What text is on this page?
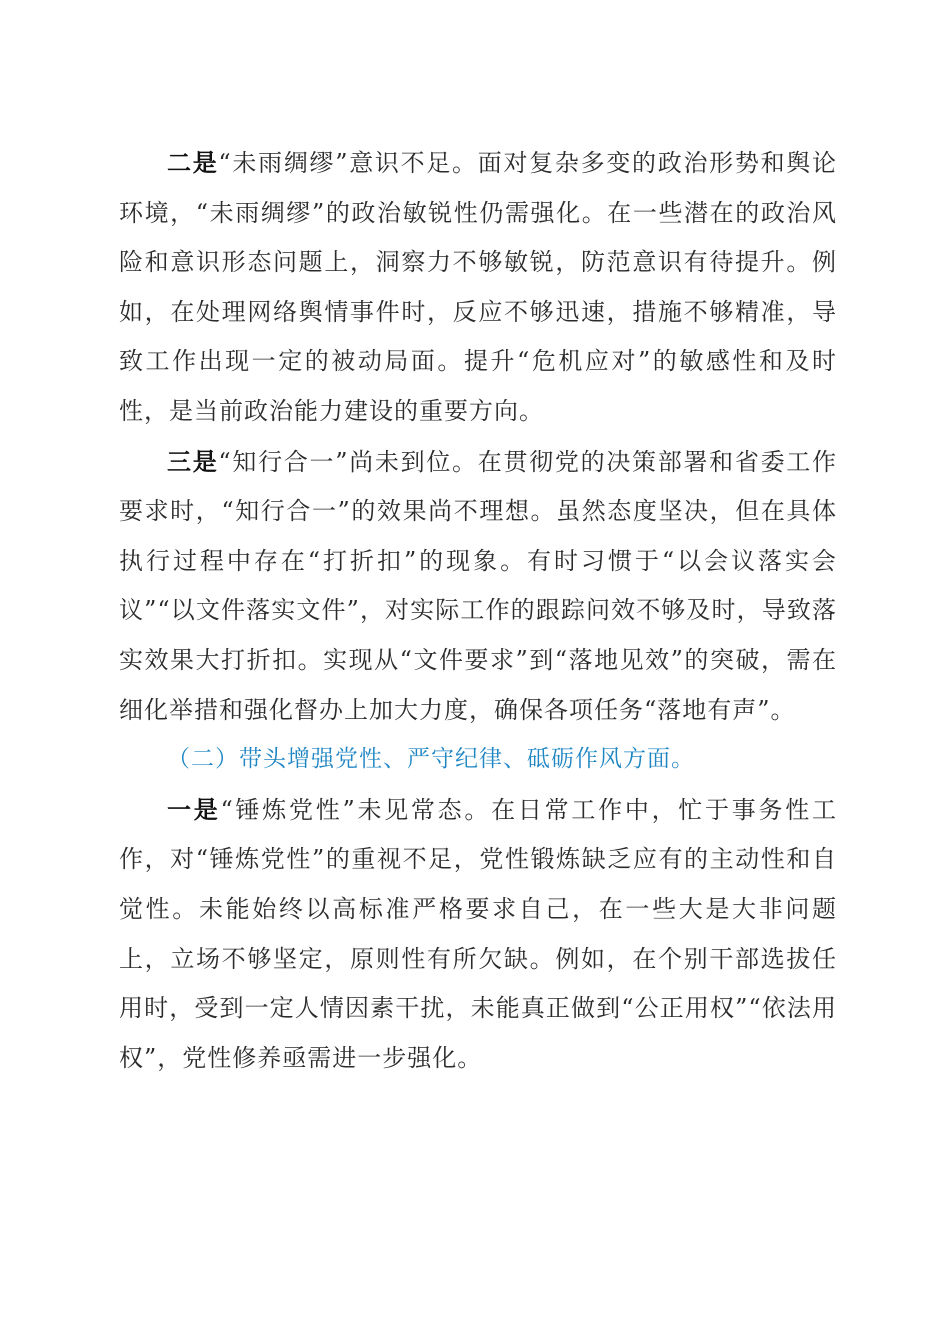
二是“未雨绸缪”意识不足。面对复杂多变的政治形势和舆论环境，“未雨绸缪”的政治敏锐性仍需强化。在一些潜在的政治风险和意识形态问题上，洞察力不够敏锐，防范意识有待提升。例如，在处理网络舆情事件时，反应不够迅速，措施不够精准，导致工作出现一定的被动局面。提升“危机应对”的敏感性和及时性，是当前政治能力建设的重要方向。

三是“知行合一”尚未到位。在贯彻党的决策部署和省委工作要求时，“知行合一”的效果尚不理想。虽然态度坚决，但在具体执行过程中存在“打折扣”的现象。有时习惯于“以会议落实会议”“以文件落实文件”，对实际工作的跟踪问效不够及时，导致落实效果大打折扣。实现从“文件要求”到“落地见效”的突破，需在细化举措和强化督办上加大力度，确保各项任务“落地有声”。

（二）带头增强党性、严守纪律、砥砺作风方面。

一是“锤炼党性”未见常态。在日常工作中，忙于事务性工作，对“锤炼党性”的重视不足，党性锻炼缺乏应有的主动性和自觉性。未能始终以高标准严格要求自己，在一些大是大非问题上，立场不够坚定，原则性有所欠缺。例如，在个别干部选拔任用时，受到一定人情因素干扰，未能真正做到“公正用权”“依法用权”，党性修养亟需进一步强化。
